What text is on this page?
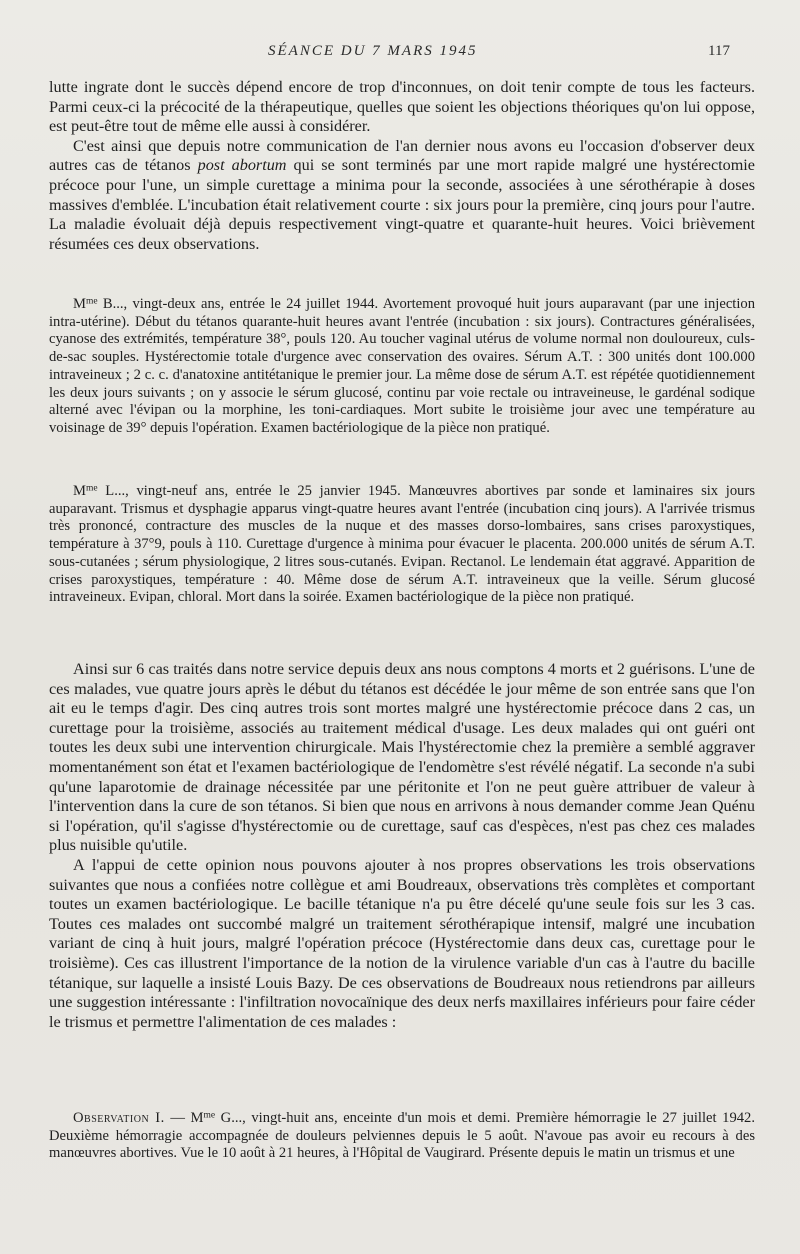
SÉANCE DU 7 MARS 1945	117

lutte ingrate dont le succès dépend encore de trop d'inconnues, on doit tenir compte de tous les facteurs. Parmi ceux-ci la précocité de la thérapeutique, quelles que soient les objections théoriques qu'on lui oppose, est peut-être tout de même elle aussi à considérer.

C'est ainsi que depuis notre communication de l'an dernier nous avons eu l'occasion d'observer deux autres cas de tétanos post abortum qui se sont terminés par une mort rapide malgré une hystérectomie précoce pour l'une, un simple curettage a minima pour la seconde, associées à une sérothérapie à doses massives d'emblée. L'incubation était relativement courte : six jours pour la première, cinq jours pour l'autre. La maladie évoluait déjà depuis respectivement vingt-quatre et quarante-huit heures. Voici brièvement résumées ces deux observations.

$M^{me}$ B..., vingt-deux ans, entrée le 24 juillet 1944. Avortement provoqué huit jours auparavant (par une injection intra-utérine). Début du tétanos quarante-huit heures avant l'entrée (incubation : six jours). Contractures généralisées, cyanose des extrémités, température 38°, pouls 120. Au toucher vaginal utérus de volume normal non douloureux, culs-de-sac souples. Hystérectomie totale d'urgence avec conservation des ovaires. Sérum A.T. : 300 unités dont 100.000 intraveineux ; 2 c. c. d'anatoxine antitétanique le premier jour. La même dose de sérum A.T. est répétée quotidiennement les deux jours suivants ; on y associe le sérum glucosé, continu par voie rectale ou intraveineuse, le gardénal sodique alterné avec l'évipan ou la morphine, les toni-cardiaques. Mort subite le troisième jour avec une température au voisinage de 39° depuis l'opération. Examen bactériologique de la pièce non pratiqué.

$M^{me}$ L..., vingt-neuf ans, entrée le 25 janvier 1945. Manœuvres abortives par sonde et laminaires six jours auparavant. Trismus et dysphagie apparus vingt-quatre heures avant l'entrée (incubation cinq jours). A l'arrivée trismus très prononcé, contracture des muscles de la nuque et des masses dorso-lombaires, sans crises paroxystiques, température à 37°9, pouls à 110. Curettage d'urgence à minima pour évacuer le placenta. 200.000 unités de sérum A.T. sous-cutanées ; sérum physiologique, 2 litres sous-cutanés. Evipan. Rectanol. Le lendemain état aggravé. Apparition de crises paroxystiques, température : 40. Même dose de sérum A.T. intraveineux que la veille. Sérum glucosé intraveineux. Evipan, chloral. Mort dans la soirée. Examen bactériologique de la pièce non pratiqué.

Ainsi sur 6 cas traités dans notre service depuis deux ans nous comptons 4 morts et 2 guérisons. L'une de ces malades, vue quatre jours après le début du tétanos est décédée le jour même de son entrée sans que l'on ait eu le temps d'agir. Des cinq autres trois sont mortes malgré une hystérectomie précoce dans 2 cas, un curettage pour la troisième, associés au traitement médical d'usage. Les deux malades qui ont guéri ont toutes les deux subi une intervention chirurgicale. Mais l'hystérectomie chez la première a semblé aggraver momentanément son état et l'examen bactériologique de l'endomètre s'est révélé négatif. La seconde n'a subi qu'une laparotomie de drainage nécessitée par une péritonite et l'on ne peut guère attribuer de valeur à l'intervention dans la cure de son tétanos. Si bien que nous en arrivons à nous demander comme Jean Quénu si l'opération, qu'il s'agisse d'hystérectomie ou de curettage, sauf cas d'espèces, n'est pas chez ces malades plus nuisible qu'utile.

A l'appui de cette opinion nous pouvons ajouter à nos propres observations les trois observations suivantes que nous a confiées notre collègue et ami Boudreaux, observations très complètes et comportant toutes un examen bactériologique. Le bacille tétanique n'a pu être décelé qu'une seule fois sur les 3 cas. Toutes ces malades ont succombé malgré un traitement sérothérapique intensif, malgré une incubation variant de cinq à huit jours, malgré l'opération précoce (Hystérectomie dans deux cas, curettage pour le troisième). Ces cas illustrent l'importance de la notion de la virulence variable d'un cas à l'autre du bacille tétanique, sur laquelle a insisté Louis Bazy. De ces observations de Boudreaux nous retiendrons par ailleurs une suggestion intéressante : l'infiltration novocaïnique des deux nerfs maxillaires inférieurs pour faire céder le trismus et permettre l'alimentation de ces malades :

Observation I. — $M^{me}$ G..., vingt-huit ans, enceinte d'un mois et demi. Première hémorragie le 27 juillet 1942. Deuxième hémorragie accompagnée de douleurs pelviennes depuis le 5 août. N'avoue pas avoir eu recours à des manœuvres abortives. Vue le 10 août à 21 heures, à l'Hôpital de Vaugirard. Présente depuis le matin un trismus et une
